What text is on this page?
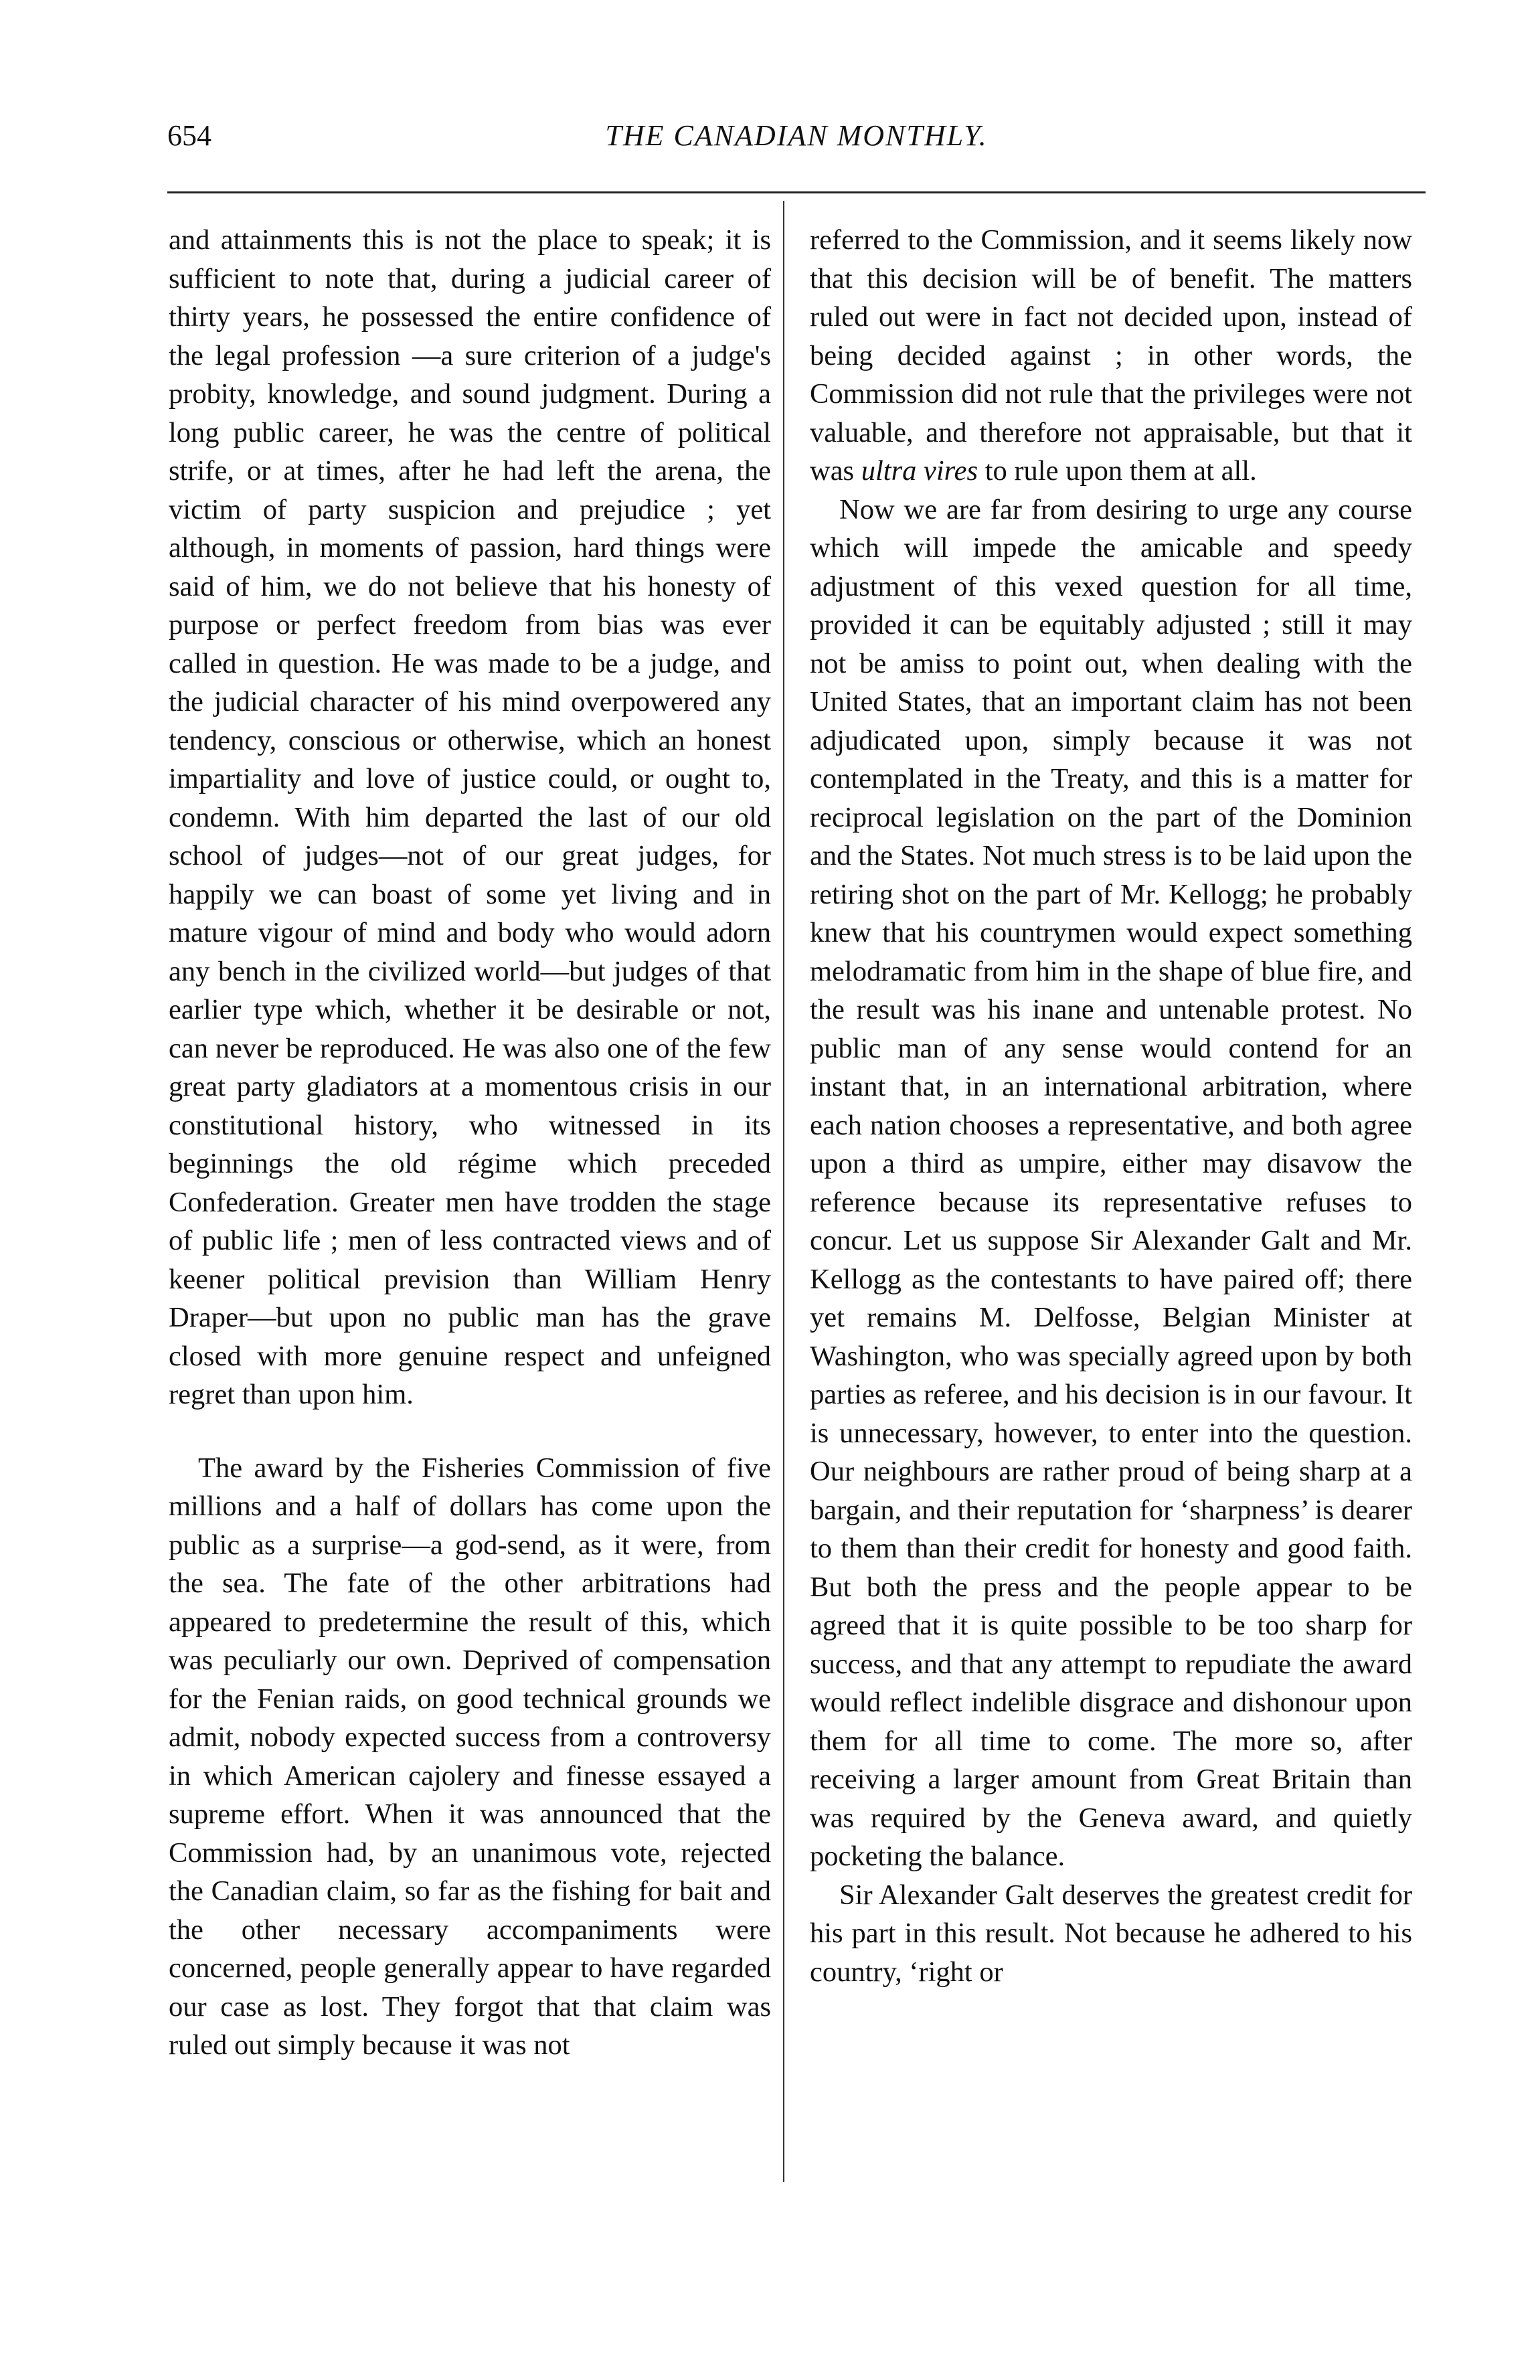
654	THE CANADIAN MONTHLY.

and attainments this is not the place to speak; it is sufficient to note that, during a judicial career of thirty years, he possessed the entire confidence of the legal profession —a sure criterion of a judge's probity, knowledge, and sound judgment. During a long public career, he was the centre of political strife, or at times, after he had left the arena, the victim of party suspicion and prejudice ; yet although, in moments of passion, hard things were said of him, we do not believe that his honesty of purpose or perfect freedom from bias was ever called in question. He was made to be a judge, and the judicial character of his mind overpowered any tendency, conscious or otherwise, which an honest impartiality and love of justice could, or ought to, condemn. With him departed the last of our old school of judges—not of our great judges, for happily we can boast of some yet living and in mature vigour of mind and body who would adorn any bench in the civilized world—but judges of that earlier type which, whether it be desirable or not, can never be reproduced. He was also one of the few great party gladiators at a momentous crisis in our constitutional history, who witnessed in its beginnings the old régime which preceded Confederation. Greater men have trodden the stage of public life ; men of less contracted views and of keener political prevision than William Henry Draper—but upon no public man has the grave closed with more genuine respect and unfeigned regret than upon him.

The award by the Fisheries Commission of five millions and a half of dollars has come upon the public as a surprise—a god-send, as it were, from the sea. The fate of the other arbitrations had appeared to predetermine the result of this, which was peculiarly our own. Deprived of compensation for the Fenian raids, on good technical grounds we admit, nobody expected success from a controversy in which American cajolery and finesse essayed a supreme effort. When it was announced that the Commission had, by an unanimous vote, rejected the Canadian claim, so far as the fishing for bait and the other necessary accompaniments were concerned, people generally appear to have regarded our case as lost. They forgot that that claim was ruled out simply because it was not

referred to the Commission, and it seems likely now that this decision will be of benefit. The matters ruled out were in fact not decided upon, instead of being decided against ; in other words, the Commission did not rule that the privileges were not valuable, and therefore not appraisable, but that it was ultra vires to rule upon them at all.

Now we are far from desiring to urge any course which will impede the amicable and speedy adjustment of this vexed question for all time, provided it can be equitably adjusted ; still it may not be amiss to point out, when dealing with the United States, that an important claim has not been adjudicated upon, simply because it was not contemplated in the Treaty, and this is a matter for reciprocal legislation on the part of the Dominion and the States. Not much stress is to be laid upon the retiring shot on the part of Mr. Kellogg; he probably knew that his countrymen would expect something melodramatic from him in the shape of blue fire, and the result was his inane and untenable protest. No public man of any sense would contend for an instant that, in an international arbitration, where each nation chooses a representative, and both agree upon a third as umpire, either may disavow the reference because its representative refuses to concur. Let us suppose Sir Alexander Galt and Mr. Kellogg as the contestants to have paired off; there yet remains M. Delfosse, Belgian Minister at Washington, who was specially agreed upon by both parties as referee, and his decision is in our favour. It is unnecessary, however, to enter into the question. Our neighbours are rather proud of being sharp at a bargain, and their reputation for ‘sharpness’ is dearer to them than their credit for honesty and good faith. But both the press and the people appear to be agreed that it is quite possible to be too sharp for success, and that any attempt to repudiate the award would reflect indelible disgrace and dishonour upon them for all time to come. The more so, after receiving a larger amount from Great Britain than was required by the Geneva award, and quietly pocketing the balance.

Sir Alexander Galt deserves the greatest credit for his part in this result. Not because he adhered to his country, ‘right or
